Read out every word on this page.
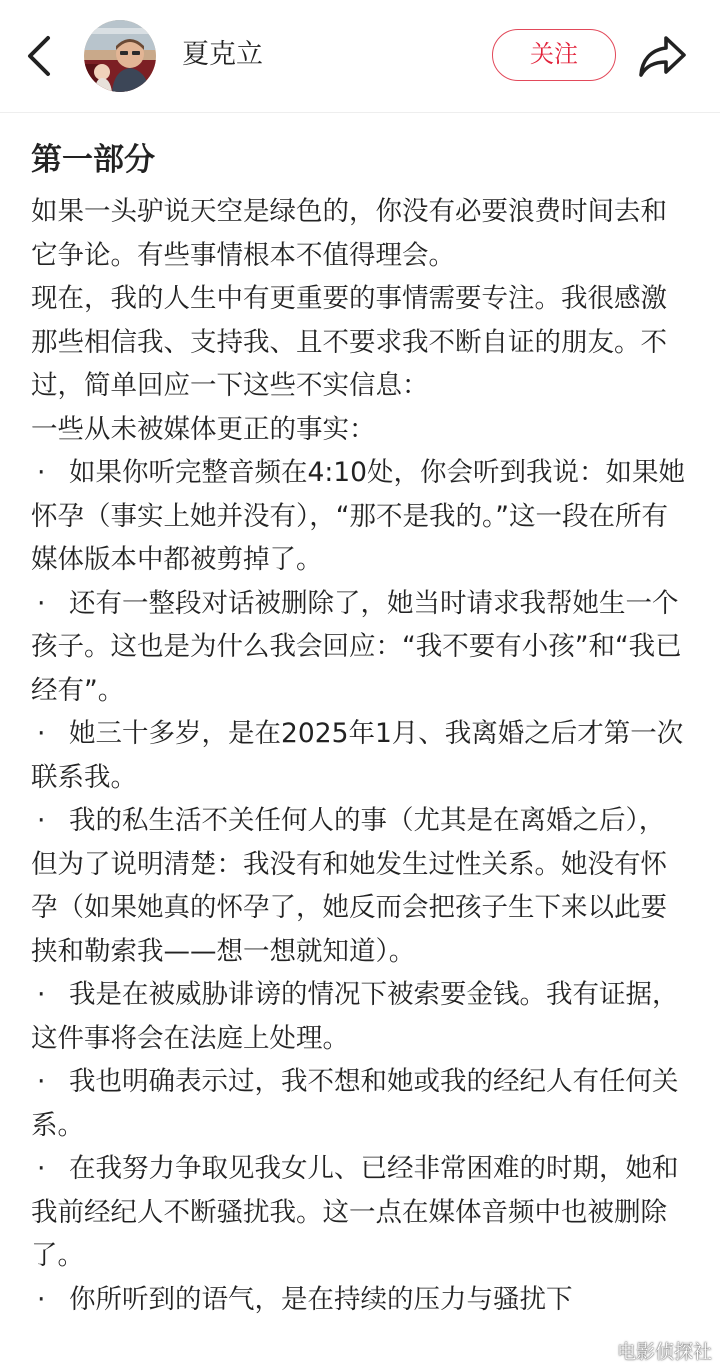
夏克立	关注
第一部分

如果一头驴说天空是绿色的，你没有必要浪费时间去和它争论。有些事情根本不值得理会。

现在，我的人生中有更重要的事情需要专注。我很感激那些相信我、支持我、且不要求我不断自证的朋友。不过，简单回应一下这些不实信息：

一些从未被媒体更正的事实：

· 如果你听完整音频在4:10处，你会听到我说：如果她怀孕（事实上她并没有），“那不是我的。”这一段在所有媒体版本中都被剪掉了。

· 还有一整段对话被删除了，她当时请求我帮她生一个孩子。这也是为什么我会回应：“我不要有小孩”和“我已经有”。

· 她三十多岁，是在2025年1月、我离婚之后才第一次联系我。

· 我的私生活不关任何人的事（尤其是在离婚之后），但为了说明清楚：我没有和她发生过性关系。她没有怀孕（如果她真的怀孕了，她反而会把孩子生下来以此要挟和勒索我——想一想就知道）。

· 我是在被威胁诽谤的情况下被索要金钱。我有证据，这件事将会在法庭上处理。

· 我也明确表示过，我不想和她或我的经纪人有任何关系。

· 在我努力争取见我女儿、已经非常困难的时期，她和我前经纪人不断骚扰我。这一点在媒体音频中也被删除了。

· 你所听到的语气，是在持续的压力与骚扰下

电影侦探社
